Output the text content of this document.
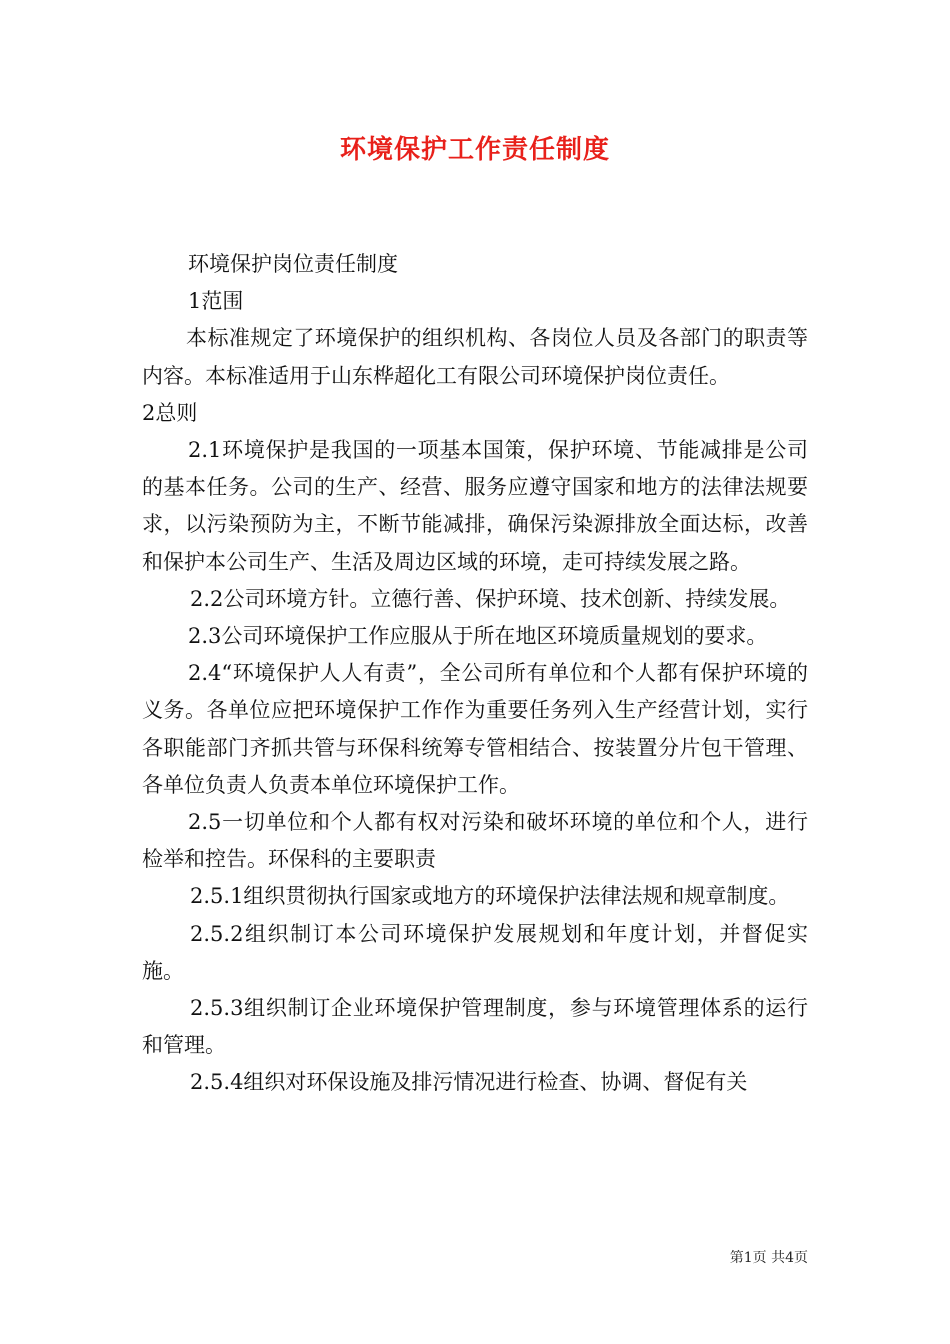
环境保护工作责任制度

环境保护岗位责任制度

1范围

本标准规定了环境保护的组织机构、各岗位人员及各部门的职责等内容。本标准适用于山东桦超化工有限公司环境保护岗位责任。

2总则

2.1环境保护是我国的一项基本国策，保护环境、节能减排是公司的基本任务。公司的生产、经营、服务应遵守国家和地方的法律法规要求，以污染预防为主，不断节能减排，确保污染源排放全面达标，改善和保护本公司生产、生活及周边区域的环境，走可持续发展之路。

2.2公司环境方针。立德行善、保护环境、技术创新、持续发展。

2.3公司环境保护工作应服从于所在地区环境质量规划的要求。

2.4“环境保护人人有责”，全公司所有单位和个人都有保护环境的义务。各单位应把环境保护工作作为重要任务列入生产经营计划，实行各职能部门齐抓共管与环保科统筹专管相结合、按装置分片包干管理、各单位负责人负责本单位环境保护工作。

2.5一切单位和个人都有权对污染和破坏环境的单位和个人，进行检举和控告。环保科的主要职责

2.5.1组织贯彻执行国家或地方的环境保护法律法规和规章制度。

2.5.2组织制订本公司环境保护发展规划和年度计划，并督促实施。

2.5.3组织制订企业环境保护管理制度，参与环境管理体系的运行和管理。

2.5.4组织对环保设施及排污情况进行检查、协调、督促有关

第1页 共4页
